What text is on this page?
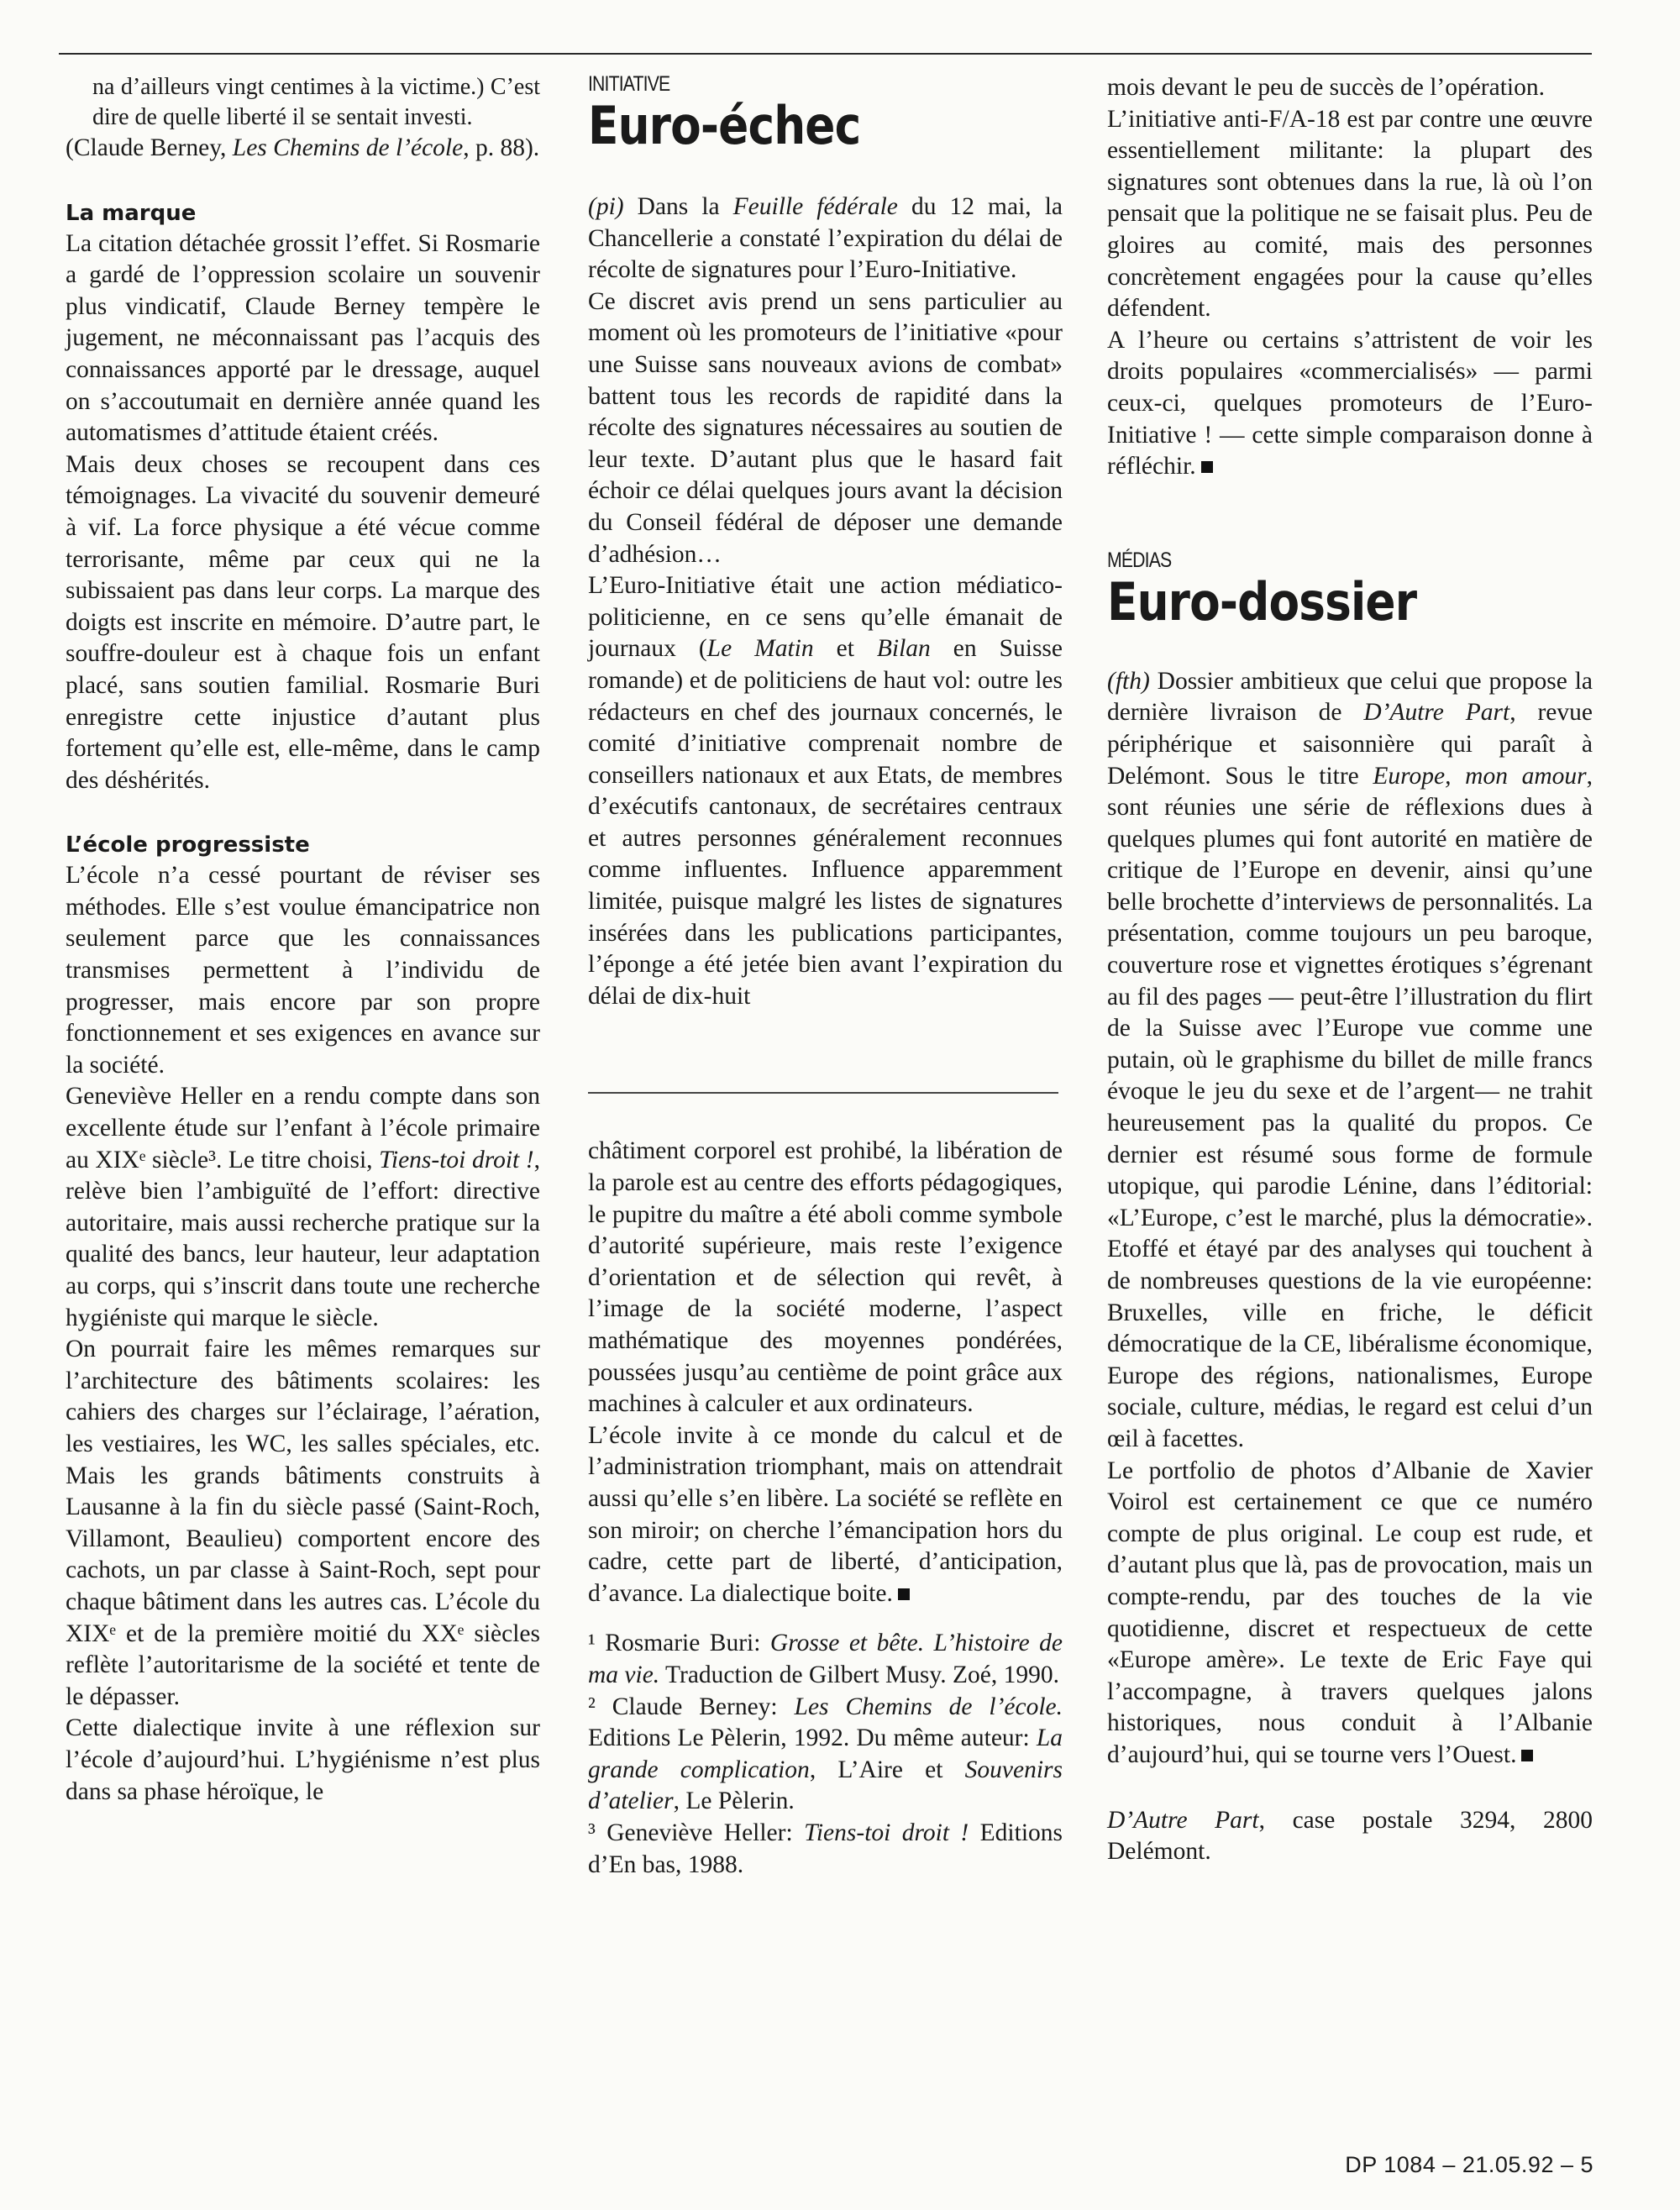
na d’ailleurs vingt centimes à la victime.) C’est dire de quelle liberté il se sentait investi.

(Claude Berney, Les Chemins de l’école, p. 88).

La marque

La citation détachée grossit l’effet. Si Rosmarie a gardé de l’oppression scolaire un souvenir plus vindicatif, Claude Berney tempère le jugement, ne méconnaissant pas l’acquis des connaissances apporté par le dressage, auquel on s’accoutumait en dernière année quand les automatismes d’attitude étaient créés.

Mais deux choses se recoupent dans ces témoignages. La vivacité du souvenir demeuré à vif. La force physique a été vécue comme terrorisante, même par ceux qui ne la subissaient pas dans leur corps. La marque des doigts est inscrite en mémoire. D’autre part, le souffre-douleur est à chaque fois un enfant placé, sans soutien familial. Rosmarie Buri enregistre cette injustice d’autant plus fortement qu’elle est, elle-même, dans le camp des déshérités.

L’école progressiste

L’école n’a cessé pourtant de réviser ses méthodes. Elle s’est voulue émancipatrice non seulement parce que les connaissances transmises permettent à l’individu de progresser, mais encore par son propre fonctionnement et ses exigences en avance sur la société.

Geneviève Heller en a rendu compte dans son excellente étude sur l’enfant à l’école primaire au XIXᵉ siècle³. Le titre choisi, Tiens-toi droit !, relève bien l’ambiguïté de l’effort: directive autoritaire, mais aussi recherche pratique sur la qualité des bancs, leur hauteur, leur adaptation au corps, qui s’inscrit dans toute une recherche hygiéniste qui marque le siècle.

On pourrait faire les mêmes remarques sur l’architecture des bâtiments scolaires: les cahiers des charges sur l’éclairage, l’aération, les vestiaires, les WC, les salles spéciales, etc. Mais les grands bâtiments construits à Lausanne à la fin du siècle passé (Saint-Roch, Villamont, Beaulieu) comportent encore des cachots, un par classe à Saint-Roch, sept pour chaque bâtiment dans les autres cas. L’école du XIXᵉ et de la première moitié du XXᵉ siècles reflète l’autoritarisme de la société et tente de le dépasser.

Cette dialectique invite à une réflexion sur l’école d’aujourd’hui. L’hygiénisme n’est plus dans sa phase héroïque, le

INITIATIVE
Euro-échec

(pi) Dans la Feuille fédérale du 12 mai, la Chancellerie a constaté l’expiration du délai de récolte de signatures pour l’Euro-Initiative.

Ce discret avis prend un sens particulier au moment où les promoteurs de l’initiative «pour une Suisse sans nouveaux avions de combat» battent tous les records de rapidité dans la récolte des signatures nécessaires au soutien de leur texte. D’autant plus que le hasard fait échoir ce délai quelques jours avant la décision du Conseil fédéral de déposer une demande d’adhésion…

L’Euro-Initiative était une action médiatico-politicienne, en ce sens qu’elle émanait de journaux (Le Matin et Bilan en Suisse romande) et de politiciens de haut vol: outre les rédacteurs en chef des journaux concernés, le comité d’initiative comprenait nombre de conseillers nationaux et aux Etats, de membres d’exécutifs cantonaux, de secrétaires centraux et autres personnes généralement reconnues comme influentes. Influence apparemment limitée, puisque malgré les listes de signatures insérées dans les publications participantes, l’éponge a été jetée bien avant l’expiration du délai de dix-huit

châtiment corporel est prohibé, la libération de la parole est au centre des efforts pédagogiques, le pupitre du maître a été aboli comme symbole d’autorité supérieure, mais reste l’exigence d’orientation et de sélection qui revêt, à l’image de la société moderne, l’aspect mathématique des moyennes pondérées, poussées jusqu’au centième de point grâce aux machines à calculer et aux ordinateurs.

L’école invite à ce monde du calcul et de l’administration triomphant, mais on attendrait aussi qu’elle s’en libère. La société se reflète en son miroir; on cherche l’émancipation hors du cadre, cette part de liberté, d’anticipation, d’avance. La dialectique boite.

¹ Rosmarie Buri: Grosse et bête. L’histoire de ma vie. Traduction de Gilbert Musy. Zoé, 1990.

² Claude Berney: Les Chemins de l’école. Editions Le Pèlerin, 1992. Du même auteur: La grande complication, L’Aire et Souvenirs d’atelier, Le Pèlerin.

³ Geneviève Heller: Tiens-toi droit ! Editions d’En bas, 1988.

mois devant le peu de succès de l’opération.

L’initiative anti-F/A-18 est par contre une œuvre essentiellement militante: la plupart des signatures sont obtenues dans la rue, là où l’on pensait que la politique ne se faisait plus. Peu de gloires au comité, mais des personnes concrètement engagées pour la cause qu’elles défendent.

A l’heure ou certains s’attristent de voir les droits populaires «commercialisés» — parmi ceux-ci, quelques promoteurs de l’Euro-Initiative ! — cette simple comparaison donne à réfléchir.

MÉDIAS
Euro-dossier

(fth) Dossier ambitieux que celui que propose la dernière livraison de D’Autre Part, revue périphérique et saisonnière qui paraît à Delémont. Sous le titre Europe, mon amour, sont réunies une série de réflexions dues à quelques plumes qui font autorité en matière de critique de l’Europe en devenir, ainsi qu’une belle brochette d’interviews de personnalités. La présentation, comme toujours un peu baroque, couverture rose et vignettes érotiques s’égrenant au fil des pages — peut-être l’illustration du flirt de la Suisse avec l’Europe vue comme une putain, où le graphisme du billet de mille francs évoque le jeu du sexe et de l’argent— ne trahit heureusement pas la qualité du propos. Ce dernier est résumé sous forme de formule utopique, qui parodie Lénine, dans l’éditorial: «L’Europe, c’est le marché, plus la démocratie». Etoffé et étayé par des analyses qui touchent à de nombreuses questions de la vie européenne: Bruxelles, ville en friche, le déficit démocratique de la CE, libéralisme économique, Europe des régions, nationalismes, Europe sociale, culture, médias, le regard est celui d’un œil à facettes.

Le portfolio de photos d’Albanie de Xavier Voirol est certainement ce que ce numéro compte de plus original. Le coup est rude, et d’autant plus que là, pas de provocation, mais un compte-rendu, par des touches de la vie quotidienne, discret et respectueux de cette «Europe amère». Le texte de Eric Faye qui l’accompagne, à travers quelques jalons historiques, nous conduit à l’Albanie d’aujourd’hui, qui se tourne vers l’Ouest.

D’Autre Part, case postale 3294, 2800 Delémont.

DP 1084 – 21.05.92 – 5
